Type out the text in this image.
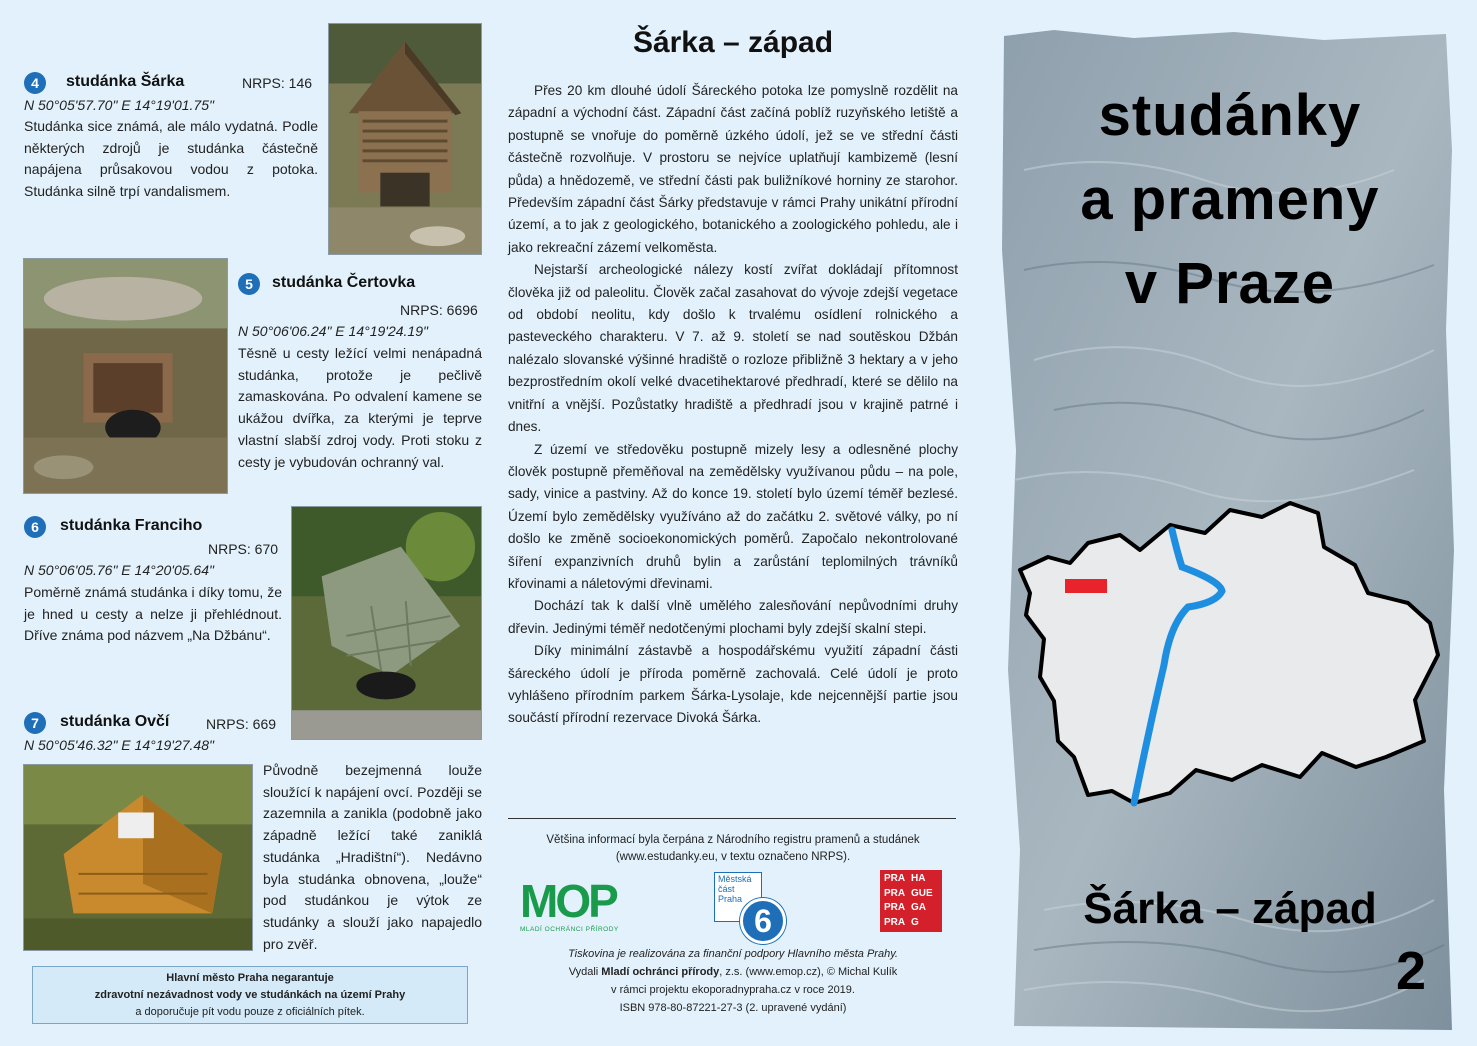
4	studánka Šárka	NRPS: 146
N 50°05'57.70" E 14°19'01.75"
Studánka sice známá, ale málo vydatná. Podle některých zdrojů je studánka částečně napájena průsakovou vodou z potoka. Studánka silně trpí vandalismem.
5	studánka Čertovka
NRPS: 6696
N 50°06'06.24" E 14°19'24.19"
Těsně u cesty ležící velmi nenápadná studánka, protože je pečlivě zamaskována. Po odvalení kamene se ukážou dvířka, za kterými je teprve vlastní slabší zdroj vody. Proti stoku z cesty je vybudován ochranný val.
6	studánka Franciho
NRPS: 670
N 50°06'05.76" E 14°20'05.64"
Poměrně známá studánka i díky tomu, že je hned u cesty a nelze ji přehlédnout. Dříve známa pod názvem „Na Džbánu“.
7	studánka Ovčí	NRPS: 669
N 50°05'46.32" E 14°19'27.48"
Původně bezejmenná louže sloužící k napájení ovcí. Později se zazemnila a zanikla (podobně jako západně ležící také zaniklá studánka „Hradištní“). Nedávno byla studánka obnovena, „louže“ pod studánkou je výtok ze studánky a slouží jako napajedlo pro zvěř.
Hlavní město Praha negarantuje
zdravotní nezávadnost vody ve studánkách na území Prahy
a doporučuje pít vodu pouze z oficiálních pítek.
Šárka – západ

Přes 20 km dlouhé údolí Šáreckého potoka lze pomyslně rozdělit na západní a východní část. Západní část začíná poblíž ruzyňského letiště a postupně se vnořuje do poměrně úzkého údolí, jež se ve střední části částečně rozvolňuje. V prostoru se nejvíce uplatňují kambizemě (lesní půda) a hnědozemě, ve střední části pak buližníkové horniny ze starohor. Především západní část Šárky představuje v rámci Prahy unikátní přírodní území, a to jak z geologického, botanického a zoologického pohledu, ale i jako rekreační zázemí velkoměsta.

Nejstarší archeologické nálezy kostí zvířat dokládají přítomnost člověka již od paleolitu. Člověk začal zasahovat do vývoje zdejší vegetace od období neolitu, kdy došlo k trvalému osídlení rolnického a pasteveckého charakteru. V 7. až 9. století se nad soutěskou Džbán nalézalo slovanské výšinné hradiště o rozloze přibližně 3 hektary a v jeho bezprostředním okolí velké dvacetihektarové předhradí, které se dělilo na vnitřní a vnější. Pozůstatky hradiště a předhradí jsou v krajině patrné i dnes.

Z území ve středověku postupně mizely lesy a odlesněné plochy člověk postupně přeměňoval na zemědělsky využívanou půdu – na pole, sady, vinice a pastviny. Až do konce 19. století bylo území téměř bezlesé. Území bylo zemědělsky využíváno až do začátku 2. světové války, po ní došlo ke změně socioekonomických poměrů. Započalo nekontrolované šíření expanzivních druhů bylin a zarůstání teplomilných trávníků křovinami a náletovými dřevinami.

Dochází tak k další vlně umělého zalesňování nepůvodními druhy dřevin. Jedinými téměř nedotčenými plochami byly zdejší skalní stepi.

Díky minimální zástavbě a hospodářskému využití západní části šáreckého údolí je příroda poměrně zachovalá. Celé údolí je proto vyhlášeno přírodním parkem Šárka-Lysolaje, kde nejcennější partie jsou součástí přírodní rezervace Divoká Šárka.

Většina informací byla čerpána z Národního registru pramenů a studánek
(www.estudanky.eu, v textu označeno NRPS).
MOP
MLADÍ OCHRÁNCI PŘÍRODY
Městská
část
Praha
6
PRA HA
PRA GUE
PRA GA
PRA G
Tiskovina je realizována za finanční podpory Hlavního města Prahy.
Vydali Mladí ochránci přírody, z.s. (www.emop.cz), © Michal Kulík
v rámci projektu ekoporadnypraha.cz v roce 2019.
ISBN 978-80-87221-27-3 (2. upravené vydání)
studánky
a prameny
v Praze
Šárka – západ
2
